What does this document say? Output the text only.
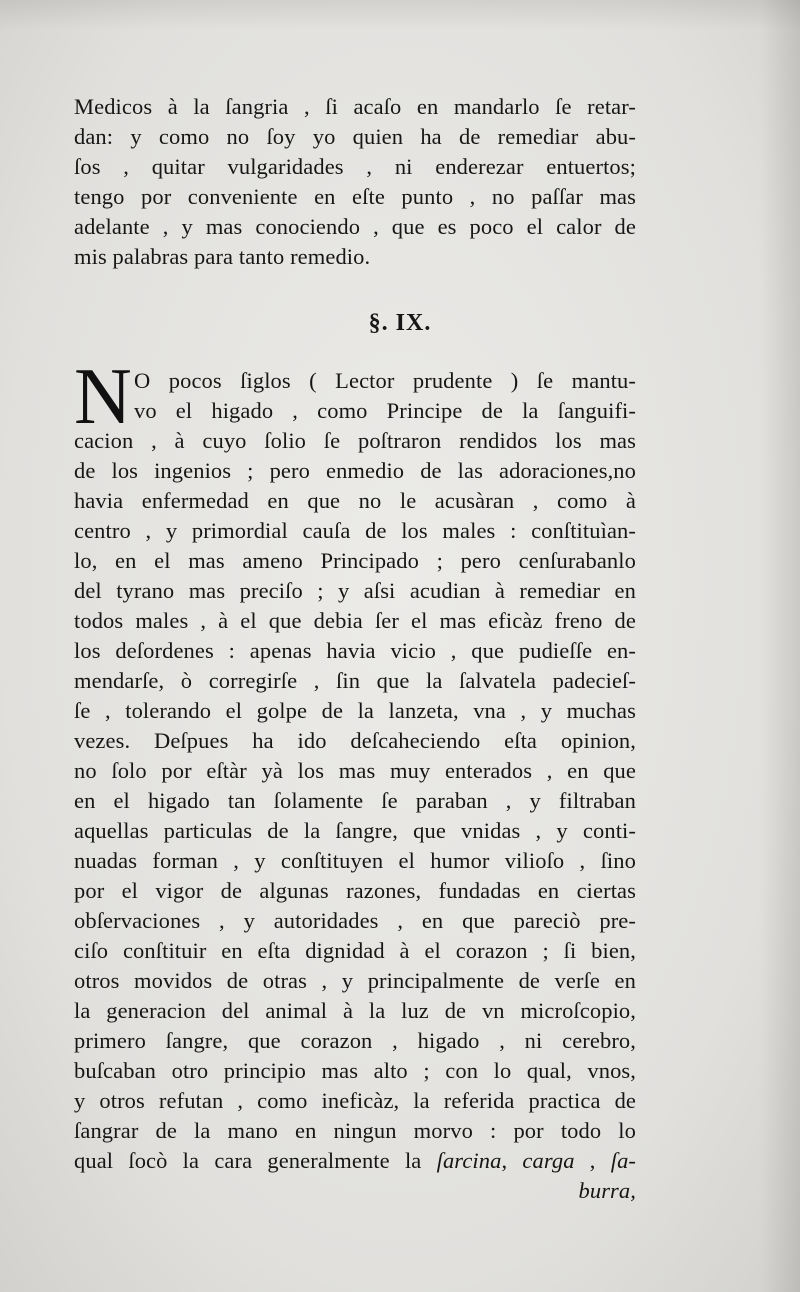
Medicos à la ſangria , ſi acaſo en mandarlo ſe retar-
dan: y como no ſoy yo quien ha de remediar abu-
ſos , quitar vulgaridades , ni enderezar entuertos;
tengo por conveniente en eſte punto , no paſſar mas
adelante , y mas conociendo , que es poco el calor de
mis palabras para tanto remedio.
§. IX.
N O pocos ſiglos ( Lector prudente ) ſe mantu-
vo el higado , como Principe de la ſanguifi-
cacion , à cuyo ſolio ſe poſtraron rendidos los mas
de los ingenios ; pero enmedio de las adoraciones,no
havia enfermedad en que no le acusàran , como à
centro , y primordial cauſa de los males : conſtituìan-
lo, en el mas ameno Principado ; pero cenſurabanlo
del tyrano mas preciſo ; y aſsi acudian à remediar en
todos males , à el que debia ſer el mas eficàz freno de
los deſordenes : apenas havia vicio , que pudieſſe en-
mendarſe, ò corregirſe , ſin que la ſalvatela padecieſ-
ſe , tolerando el golpe de la lanzeta, vna , y muchas
vezes. Deſpues ha ido deſcaheciendo eſta opinion,
no ſolo por eſtàr yà los mas muy enterados , en que
en el higado tan ſolamente ſe paraban , y filtraban
aquellas particulas de la ſangre, que vnidas , y conti-
nuadas forman , y conſtituyen el humor vilioſo , ſino
por el vigor de algunas razones, fundadas en ciertas
obſervaciones , y autoridades , en que pareciò pre-
ciſo conſtituir en eſta dignidad à el corazon ; ſi bien,
otros movidos de otras , y principalmente de verſe en
la generacion del animal à la luz de vn microſcopio,
primero ſangre, que corazon , higado , ni cerebro,
buſcaban otro principio mas alto ; con lo qual, vnos,
y otros refutan , como ineficàz, la referida practica de
ſangrar de la mano en ningun morvo : por todo lo
qual ſocò la cara generalmente la ſarcina, carga , ſa-
burra,
